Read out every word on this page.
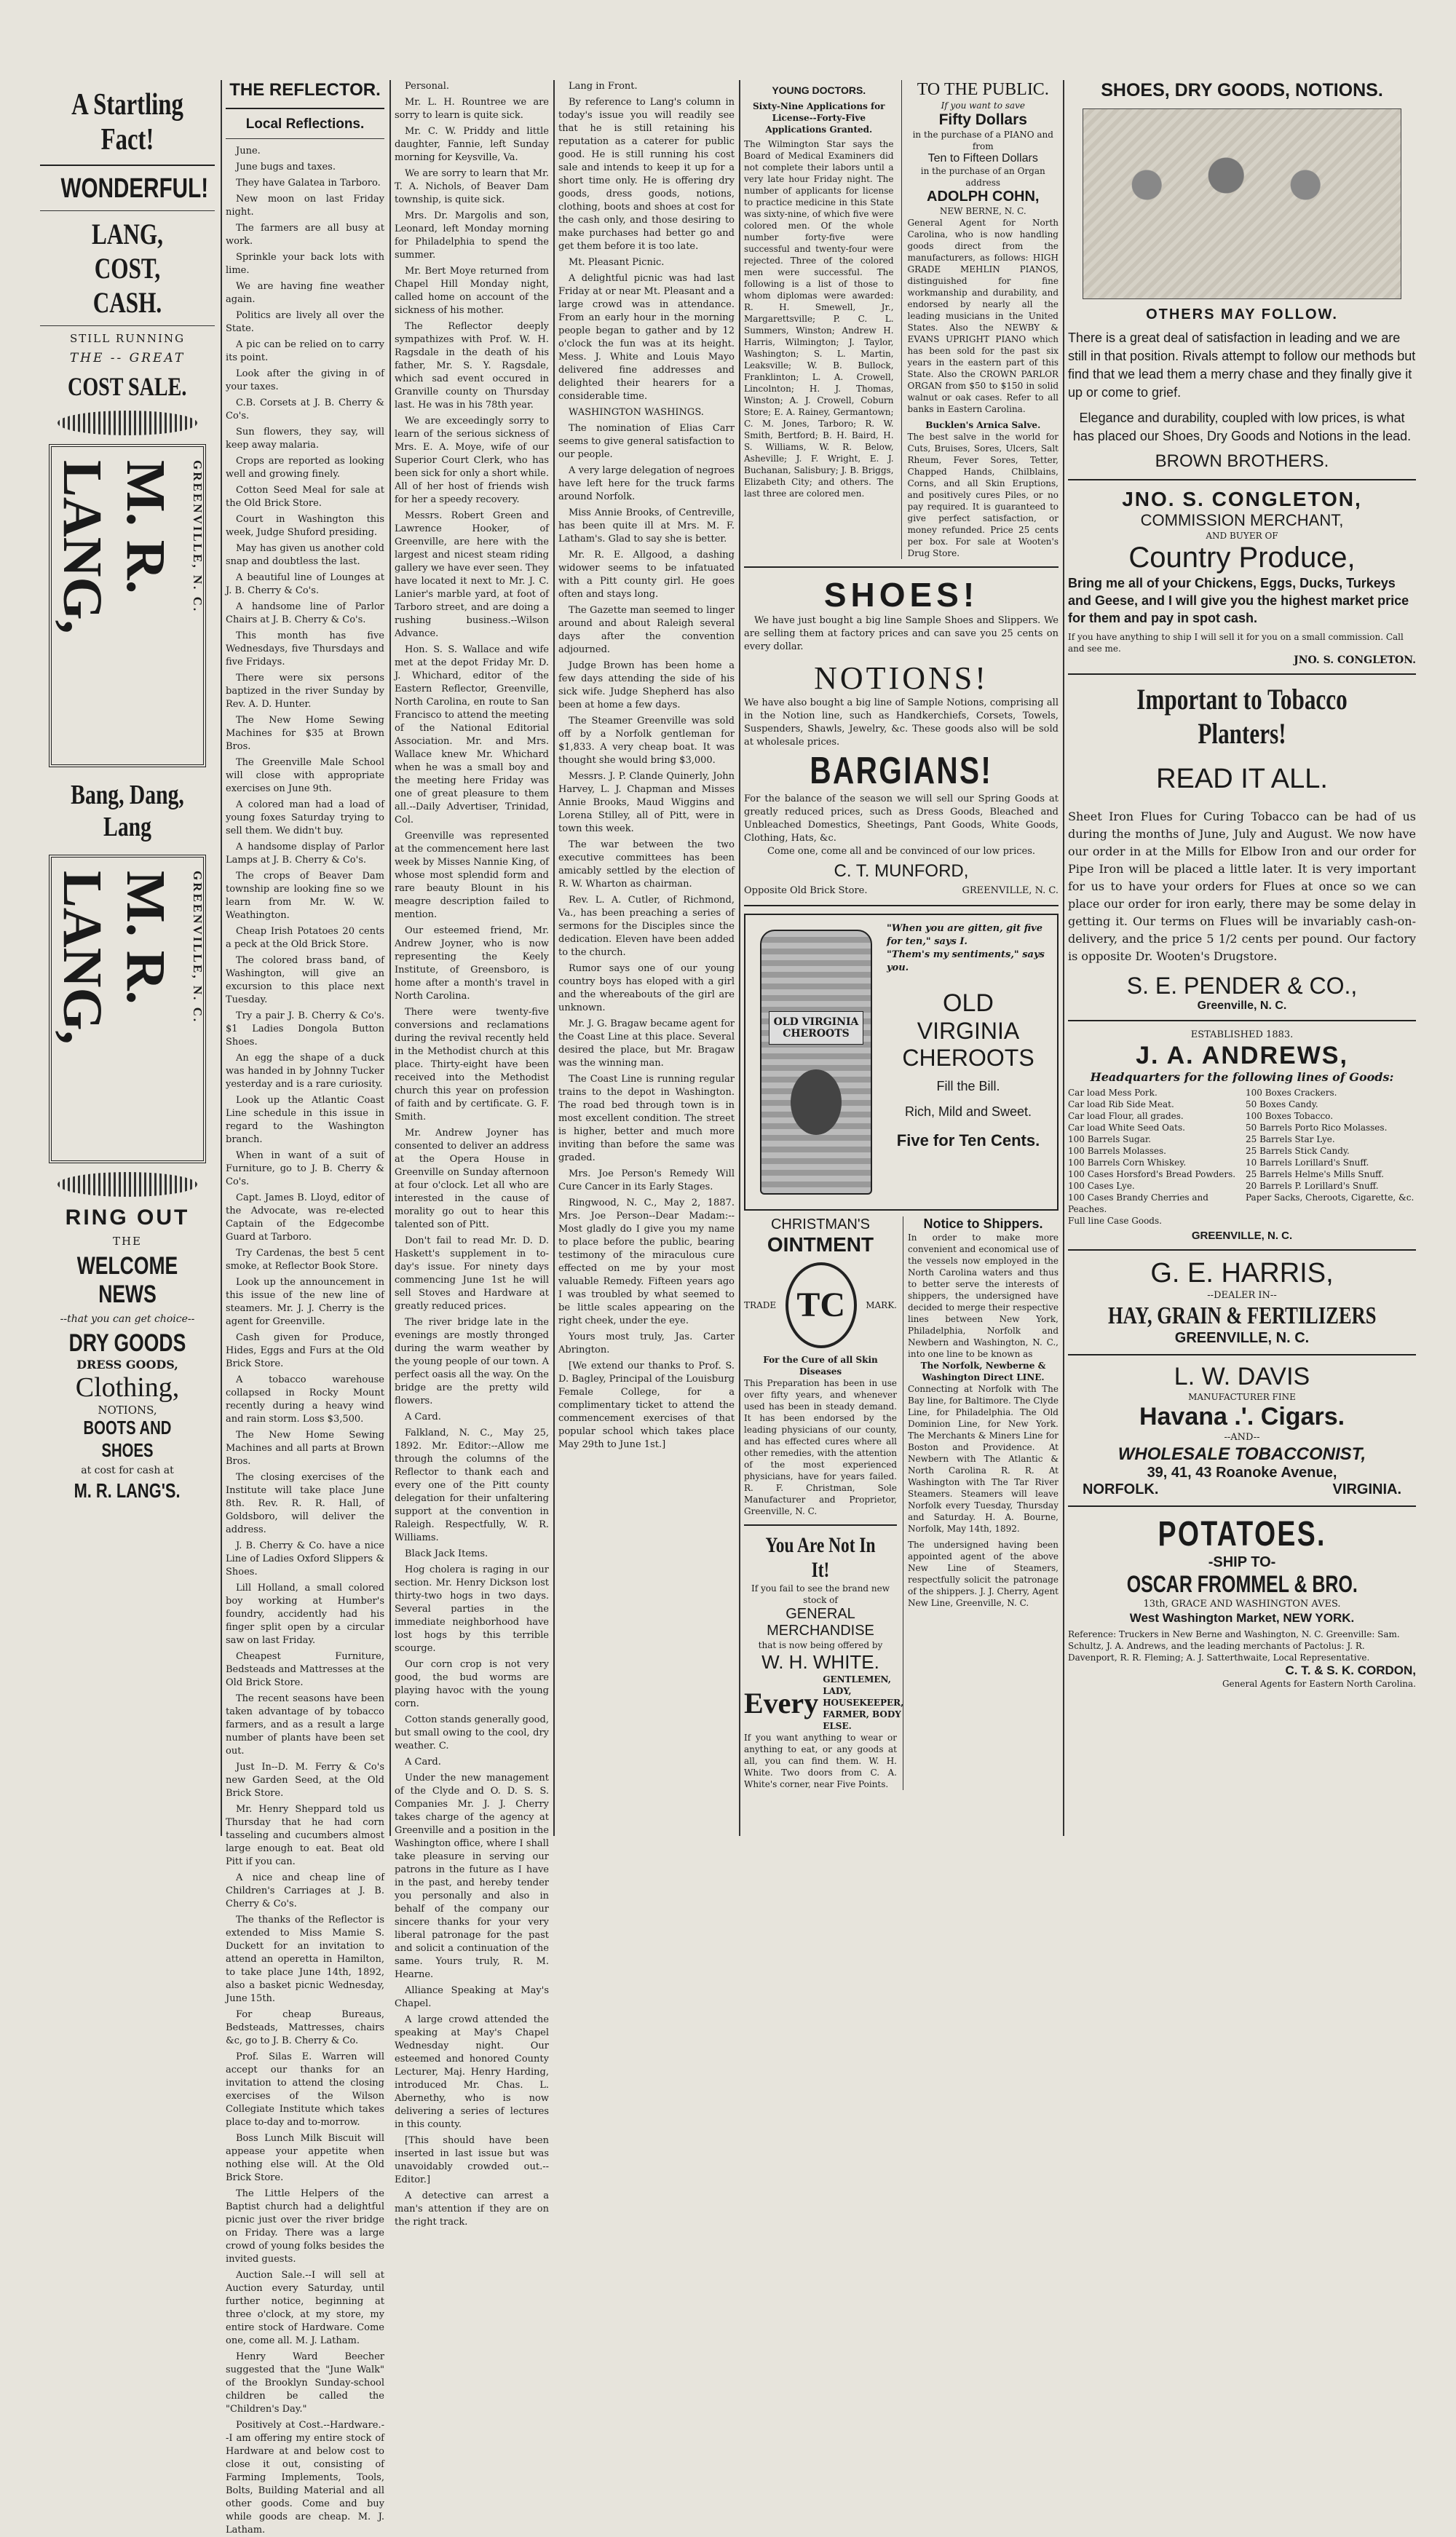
A Startling Fact!
WONDERFUL!
LANG, COST, CASH.
STILL RUNNING
THE -- GREAT
COST SALE.
M. R. LANG,	GREENVILLE, N. C.
Bang, Dang, Lang
M. R. LANG,	GREENVILLE, N. C.
RING OUT
THE
WELCOME NEWS
--that you can get choice--
DRY GOODS
DRESS GOODS,
Clothing,
NOTIONS,
BOOTS AND SHOES
at cost for cash at
M. R. LANG'S.
THE REFLECTOR.
Local Reflections.

June.

June bugs and taxes.

They have Galatea in Tarboro.

New moon on last Friday night.

The farmers are all busy at work.

Sprinkle your back lots with lime.

We are having fine weather again.

Politics are lively all over the State.

A pic can be relied on to carry its point.

Look after the giving in of your taxes.

C.B. Corsets at J. B. Cherry & Co's.

Sun flowers, they say, will keep away malaria.

Crops are reported as looking well and growing finely.

Cotton Seed Meal for sale at the Old Brick Store.

Court in Washington this week, Judge Shuford presiding.

May has given us another cold snap and doubtless the last.

A beautiful line of Lounges at J. B. Cherry & Co's.

A handsome line of Parlor Chairs at J. B. Cherry & Co's.

This month has five Wednesdays, five Thursdays and five Fridays.

There were six persons baptized in the river Sunday by Rev. A. D. Hunter.

The New Home Sewing Machines for $35 at Brown Bros.

The Greenville Male School will close with appropriate exercises on June 9th.

A colored man had a load of young foxes Saturday trying to sell them. We didn't buy.

A handsome display of Parlor Lamps at J. B. Cherry & Co's.

The crops of Beaver Dam township are looking fine so we learn from Mr. W. W. Weathington.

Cheap Irish Potatoes 20 cents a peck at the Old Brick Store.

The colored brass band, of Washington, will give an excursion to this place next Tuesday.

Try a pair J. B. Cherry & Co's. $1 Ladies Dongola Button Shoes.

An egg the shape of a duck was handed in by Johnny Tucker yesterday and is a rare curiosity.

Look up the Atlantic Coast Line schedule in this issue in regard to the Washington branch.

When in want of a suit of Furniture, go to J. B. Cherry & Co's.

Capt. James B. Lloyd, editor of the Advocate, was re-elected Captain of the Edgecombe Guard at Tarboro.

Try Cardenas, the best 5 cent smoke, at Reflector Book Store.

Look up the announcement in this issue of the new line of steamers. Mr. J. J. Cherry is the agent for Greenville.

Cash given for Produce, Hides, Eggs and Furs at the Old Brick Store.

A tobacco warehouse collapsed in Rocky Mount recently during a heavy wind and rain storm. Loss $3,500.

The New Home Sewing Machines and all parts at Brown Bros.

The closing exercises of the Institute will take place June 8th. Rev. R. R. Hall, of Goldsboro, will deliver the address.

J. B. Cherry & Co. have a nice Line of Ladies Oxford Slippers & Shoes.

Lill Holland, a small colored boy working at Humber's foundry, accidently had his finger split open by a circular saw on last Friday.

Cheapest Furniture, Bedsteads and Mattresses at the Old Brick Store.

The recent seasons have been taken advantage of by tobacco farmers, and as a result a large number of plants have been set out.

Just In--D. M. Ferry & Co's new Garden Seed, at the Old Brick Store.

Mr. Henry Sheppard told us Thursday that he had corn tasseling and cucumbers almost large enough to eat. Beat old Pitt if you can.

A nice and cheap line of Children's Carriages at J. B. Cherry & Co's.

The thanks of the Reflector is extended to Miss Mamie S. Duckett for an invitation to attend an operetta in Hamilton, to take place June 14th, 1892, also a basket picnic Wednesday, June 15th.

For cheap Bureaus, Bedsteads, Mattresses, chairs &c, go to J. B. Cherry & Co.

Prof. Silas E. Warren will accept our thanks for an invitation to attend the closing exercises of the Wilson Collegiate Institute which takes place to-day and to-morrow.

Boss Lunch Milk Biscuit will appease your appetite when nothing else will. At the Old Brick Store.

The Little Helpers of the Baptist church had a delightful picnic just over the river bridge on Friday. There was a large crowd of young folks besides the invited guests.

Auction Sale.--I will sell at Auction every Saturday, until further notice, beginning at three o'clock, at my store, my entire stock of Hardware. Come one, come all. M. J. Latham.

Henry Ward Beecher suggested that the "June Walk" of the Brooklyn Sunday-school children be called the "Children's Day."

Positively at Cost.--Hardware.--I am offering my entire stock of Hardware at and below cost to close it out, consisting of Farming Implements, Tools, Bolts, Building Material and all other goods. Come and buy while goods are cheap. M. J. Latham.

Personal.

Mr. L. H. Rountree we are sorry to learn is quite sick.

Mr. C. W. Priddy and little daughter, Fannie, left Sunday morning for Keysville, Va.

We are sorry to learn that Mr. T. A. Nichols, of Beaver Dam township, is quite sick.

Mrs. Dr. Margolis and son, Leonard, left Monday morning for Philadelphia to spend the summer.

Mr. Bert Moye returned from Chapel Hill Monday night, called home on account of the sickness of his mother.

The Reflector deeply sympathizes with Prof. W. H. Ragsdale in the death of his father, Mr. S. Y. Ragsdale, which sad event occured in Granville county on Thursday last. He was in his 78th year.

We are exceedingly sorry to learn of the serious sickness of Mrs. E. A. Moye, wife of our Superior Court Clerk, who has been sick for only a short while. All of her host of friends wish for her a speedy recovery.

Messrs. Robert Green and Lawrence Hooker, of Greenville, are here with the largest and nicest steam riding gallery we have ever seen. They have located it next to Mr. J. C. Lanier's marble yard, at foot of Tarboro street, and are doing a rushing business.--Wilson Advance.

Hon. S. S. Wallace and wife met at the depot Friday Mr. D. J. Whichard, editor of the Eastern Reflector, Greenville, North Carolina, en route to San Francisco to attend the meeting of the National Editorial Association. Mr. and Mrs. Wallace knew Mr. Whichard when he was a small boy and the meeting here Friday was one of great pleasure to them all.--Daily Advertiser, Trinidad, Col.

Greenville was represented at the commencement here last week by Misses Nannie King, of whose most splendid form and rare beauty Blount in his meagre description failed to mention.

Our esteemed friend, Mr. Andrew Joyner, who is now representing the Keely Institute, of Greensboro, is home after a month's travel in North Carolina.

There were twenty-five conversions and reclamations during the revival recently held in the Methodist church at this place. Thirty-eight have been received into the Methodist church this year on profession of faith and by certificate. G. F. Smith.

Mr. Andrew Joyner has consented to deliver an address at the Opera House in Greenville on Sunday afternoon at four o'clock. Let all who are interested in the cause of morality go out to hear this talented son of Pitt.

Don't fail to read Mr. D. D. Haskett's supplement in to-day's issue. For ninety days commencing June 1st he will sell Stoves and Hardware at greatly reduced prices.

The river bridge late in the evenings are mostly thronged during the warm weather by the young people of our town. A perfect oasis all the way. On the bridge are the pretty wild flowers.

A Card.

Falkland, N. C., May 25, 1892. Mr. Editor:--Allow me through the columns of the Reflector to thank each and every one of the Pitt county delegation for their unfaltering support at the convention in Raleigh. Respectfully, W. R. Williams.

Black Jack Items.

Hog cholera is raging in our section. Mr. Henry Dickson lost thirty-two hogs in two days. Several parties in the immediate neighborhood have lost hogs by this terrible scourge.

Our corn crop is not very good, the bud worms are playing havoc with the young corn.

Cotton stands generally good, but small owing to the cool, dry weather. C.

A Card.

Under the new management of the Clyde and O. D. S. S. Companies Mr. J. J. Cherry takes charge of the agency at Greenville and a position in the Washington office, where I shall take pleasure in serving our patrons in the future as I have in the past, and hereby tender you personally and also in behalf of the company our sincere thanks for your very liberal patronage for the past and solicit a continuation of the same. Yours truly, R. M. Hearne.

Alliance Speaking at May's Chapel.

A large crowd attended the speaking at May's Chapel Wednesday night. Our esteemed and honored County Lecturer, Maj. Henry Harding, introduced Mr. Chas. L. Abernethy, who is now delivering a series of lectures in this county.

[This should have been inserted in last issue but was unavoidably crowded out.--Editor.]

A detective can arrest a man's attention if they are on the right track.

Lang in Front.

By reference to Lang's column in today's issue you will readily see that he is still retaining his reputation as a caterer for public good. He is still running his cost sale and intends to keep it up for a short time only. He is offering dry goods, dress goods, notions, clothing, boots and shoes at cost for the cash only, and those desiring to make purchases had better go and get them before it is too late.

Mt. Pleasant Picnic.

A delightful picnic was had last Friday at or near Mt. Pleasant and a large crowd was in attendance. From an early hour in the morning people began to gather and by 12 o'clock the fun was at its height. Mess. J. White and Louis Mayo delivered fine addresses and delighted their hearers for a considerable time.

WASHINGTON WASHINGS.

The nomination of Elias Carr seems to give general satisfaction to our people.

A very large delegation of negroes have left here for the truck farms around Norfolk.

Miss Annie Brooks, of Centreville, has been quite ill at Mrs. M. F. Latham's. Glad to say she is better.

Mr. R. E. Allgood, a dashing widower seems to be infatuated with a Pitt county girl. He goes often and stays long.

The Gazette man seemed to linger around and about Raleigh several days after the convention adjourned.

Judge Brown has been home a few days attending the side of his sick wife. Judge Shepherd has also been at home a few days.

The Steamer Greenville was sold off by a Norfolk gentleman for $1,833. A very cheap boat. It was thought she would bring $3,000.

Messrs. J. P. Clande Quinerly, John Harvey, L. J. Chapman and Misses Annie Brooks, Maud Wiggins and Lorena Stilley, all of Pitt, were in town this week.

The war between the two executive committees has been amicably settled by the election of R. W. Wharton as chairman.

Rev. L. A. Cutler, of Richmond, Va., has been preaching a series of sermons for the Disciples since the dedication. Eleven have been added to the church.

Rumor says one of our young country boys has eloped with a girl and the whereabouts of the girl are unknown.

Mr. J. G. Bragaw became agent for the Coast Line at this place. Several desired the place, but Mr. Bragaw was the winning man.

The Coast Line is running regular trains to the depot in Washington. The road bed through town is in most excellent condition. The street is higher, better and much more inviting than before the same was graded.

Mrs. Joe Person's Remedy Will Cure Cancer in its Early Stages.

Ringwood, N. C., May 2, 1887. Mrs. Joe Person--Dear Madam:--Most gladly do I give you my name to place before the public, bearing testimony of the miraculous cure effected on me by your most valuable Remedy. Fifteen years ago I was troubled by what seemed to be little scales appearing on the right cheek, under the eye.

Yours most truly, Jas. Carter Abrington.

[We extend our thanks to Prof. S. D. Bagley, Principal of the Louisburg Female College, for a complimentary ticket to attend the commencement exercises of that popular school which takes place May 29th to June 1st.]

YOUNG DOCTORS.
Sixty-Nine Applications for License--Forty-Five Applications Granted.
The Wilmington Star says the Board of Medical Examiners did not complete their labors until a very late hour Friday night. The number of applicants for license to practice medicine in this State was sixty-nine, of which five were colored men. Of the whole number forty-five were successful and twenty-four were rejected. Three of the colored men were successful. The following is a list of those to whom diplomas were awarded: R. H. Smewell, Jr., Margarettsville; P. C. L. Summers, Winston; Andrew H. Harris, Wilmington; J. Taylor, Washington; S. L. Martin, Leaksville; W. B. Bullock, Franklinton; L. A. Crowell, Lincolnton; H. J. Thomas, Winston; A. J. Crowell, Coburn Store; E. A. Rainey, Germantown; C. M. Jones, Tarboro; R. W. Smith, Bertford; B. H. Baird, H. S. Williams, W. R. Below, Asheville; J. F. Wright, E. J. Buchanan, Salisbury; J. B. Briggs, Elizabeth City; and others. The last three are colored men.
TO THE PUBLIC.
If you want to save
Fifty Dollars
in the purchase of a PIANO and from
Ten to Fifteen Dollars
in the purchase of an Organ address
ADOLPH COHN,
NEW BERNE, N. C.
General Agent for North Carolina, who is now handling goods direct from the manufacturers, as follows: HIGH GRADE MEHLIN PIANOS, distinguished for fine workmanship and durability, and endorsed by nearly all the leading musicians in the United States. Also the NEWBY & EVANS UPRIGHT PIANO which has been sold for the past six years in the eastern part of this State. Also the CROWN PARLOR ORGAN from $50 to $150 in solid walnut or oak cases. Refer to all banks in Eastern Carolina.
Bucklen's Arnica Salve.
The best salve in the world for Cuts, Bruises, Sores, Ulcers, Salt Rheum, Fever Sores, Tetter, Chapped Hands, Chilblains, Corns, and all Skin Eruptions, and positively cures Piles, or no pay required. It is guaranteed to give perfect satisfaction, or money refunded. Price 25 cents per box. For sale at Wooten's Drug Store.
SHOES!
We have just bought a big line Sample Shoes and Slippers. We are selling them at factory prices and can save you 25 cents on every dollar.
NOTIONS!
We have also bought a big line of Sample Notions, comprising all in the Notion line, such as Handkerchiefs, Corsets, Towels, Suspenders, Shawls, Jewelry, &c. These goods also will be sold at wholesale prices.
BARGIANS!
For the balance of the season we will sell our Spring Goods at greatly reduced prices, such as Dress Goods, Bleached and Unbleached Domestics, Sheetings, Pant Goods, White Goods, Clothing, Hats, &c.
Come one, come all and be convinced of our low prices.
C. T. MUNFORD,
Opposite Old Brick Store.	GREENVILLE, N. C.
OLD VIRGINIA CHEROOTS
"When you are gitten, git five for ten," says I.
"Them's my sentiments," says you.
OLD
VIRGINIA
CHEROOTS
Fill the Bill.
Rich, Mild and Sweet.
Five for Ten Cents.
CHRISTMAN'S
OINTMENT
TRADE TC	MARK.
For the Cure of all Skin Diseases
This Preparation has been in use over fifty years, and whenever used has been in steady demand. It has been endorsed by the leading physicians of our county, and has effected cures where all other remedies, with the attention of the most experienced physicians, have for years failed. R. F. Christman, Sole Manufacturer and Proprietor, Greenville, N. C.
You Are Not In It!
If you fail to see the brand new stock of
GENERAL MERCHANDISE
that is now being offered by
W. H. WHITE.
Every
GENTLEMEN, LADY, HOUSEKEEPER, FARMER, BODY ELSE.
If you want anything to wear or anything to eat, or any goods at all, you can find them. W. H. White. Two doors from C. A. White's corner, near Five Points.
Notice to Shippers.
In order to make more convenient and economical use of the vessels now employed in the North Carolina waters and thus to better serve the interests of shippers, the undersigned have decided to merge their respective lines between New York, Philadelphia, Norfolk and Newbern and Washington, N. C., into one line to be known as
The Norfolk, Newberne & Washington Direct LINE.
Connecting at Norfolk with The Bay line, for Baltimore. The Clyde Line, for Philadelphia. The Old Dominion Line, for New York. The Merchants & Miners Line for Boston and Providence. At Newbern with The Atlantic & North Carolina R. R. At Washington with The Tar River Steamers. Steamers will leave Norfolk every Tuesday, Thursday and Saturday. H. A. Bourne, Norfolk, May 14th, 1892.
The undersigned having been appointed agent of the above New Line of Steamers, respectfully solicit the patronage of the shippers. J. J. Cherry, Agent New Line, Greenville, N. C.
SHOES, DRY GOODS, NOTIONS.
OTHERS MAY FOLLOW.
There is a great deal of satisfaction in leading and we are still in that position. Rivals attempt to follow our methods but find that we lead them a merry chase and they finally give it up or come to grief.
Elegance and durability, coupled with low prices, is what has placed our Shoes, Dry Goods and Notions in the lead.
BROWN BROTHERS.
JNO. S. CONGLETON,
COMMISSION MERCHANT,
AND BUYER OF
Country Produce,
Bring me all of your Chickens, Eggs, Ducks, Turkeys and Geese, and I will give you the highest market price for them and pay in spot cash.
If you have anything to ship I will sell it for you on a small commission. Call and see me.
JNO. S. CONGLETON.
Important to Tobacco Planters!
READ IT ALL.
Sheet Iron Flues for Curing Tobacco can be had of us during the months of June, July and August. We now have our order in at the Mills for Elbow Iron and our order for Pipe Iron will be placed a little later. It is very important for us to have your orders for Flues at once so we can place our order for iron early, there may be some delay in getting it. Our terms on Flues will be invariably cash-on-delivery, and the price 5 1/2 cents per pound. Our factory is opposite Dr. Wooten's Drugstore.
S. E. PENDER & CO.,
Greenville, N. C.
ESTABLISHED 1883.
J. A. ANDREWS,
Headquarters for the following lines of Goods:
Car load Mess Pork.
Car load Rib Side Meat.
Car load Flour, all grades.
Car load White Seed Oats.
100 Barrels Sugar.
100 Barrels Molasses.
100 Barrels Corn Whiskey.
100 Cases Horsford's Bread Powders.
100 Cases Lye.
100 Cases Brandy Cherries and Peaches.
Full line Case Goods.
100 Boxes Crackers.
50 Boxes Candy.
100 Boxes Tobacco.
50 Barrels Porto Rico Molasses.
25 Barrels Star Lye.
25 Barrels Stick Candy.
10 Barrels Lorillard's Snuff.
25 Barrels Helme's Mills Snuff.
20 Barrels P. Lorillard's Snuff.
Paper Sacks, Cheroots, Cigarette, &c.
GREENVILLE, N. C.
G. E. HARRIS,
--DEALER IN--
HAY, GRAIN & FERTILIZERS
GREENVILLE, N. C.
L. W. DAVIS
MANUFACTURER FINE
Havana .'. Cigars.
--AND--
WHOLESALE TOBACCONIST,
39, 41, 43 Roanoke Avenue,
NORFOLK.	VIRGINIA.
POTATOES.
-SHIP TO-
OSCAR FROMMEL & BRO.
13th, GRACE AND WASHINGTON AVES.
West Washington Market, NEW YORK.
Reference: Truckers in New Berne and Washington, N. C. Greenville: Sam. Schultz, J. A. Andrews, and the leading merchants of Pactolus: J. R. Davenport, R. R. Fleming; A. J. Satterthwaite, Local Representative.
C. T. & S. K. CORDON,
General Agents for Eastern North Carolina.
